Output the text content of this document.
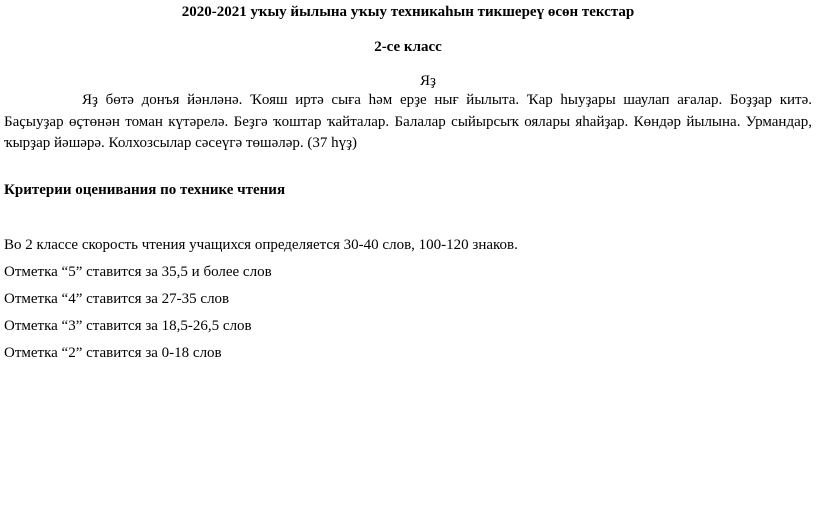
2020-2021 уҡыу йылына уҡыу техникаһын тикшереү өсөн текстар
2-се класс
Яҙ

Яҙ бөтә донъя йәнләнә. Ҡояш иртә сыға һәм ерҙе нығ йылыта. Ҡар һыуҙары шаулап ағалар. Боҙҙар китә. Баҫыуҙар өҫтөнән томан күтәрелә. Беҙгә ҡоштар ҡайталар. Балалар сыйырсыҡ оялары яһайҙар. Көндәр йылына. Урмандар, ҡырҙар йәшәрә. Колхозсылар сәсеүгә төшәләр. (37 һүҙ)

Критерии оценивания по технике чтения
Во 2 классе скорость чтения учащихся определяется 30-40 слов, 100-120 знаков.
Отметка “5” ставится за 35,5 и более слов
Отметка “4” ставится за 27-35 слов
Отметка “3” ставится за 18,5-26,5 слов
Отметка “2” ставится за 0-18 слов
